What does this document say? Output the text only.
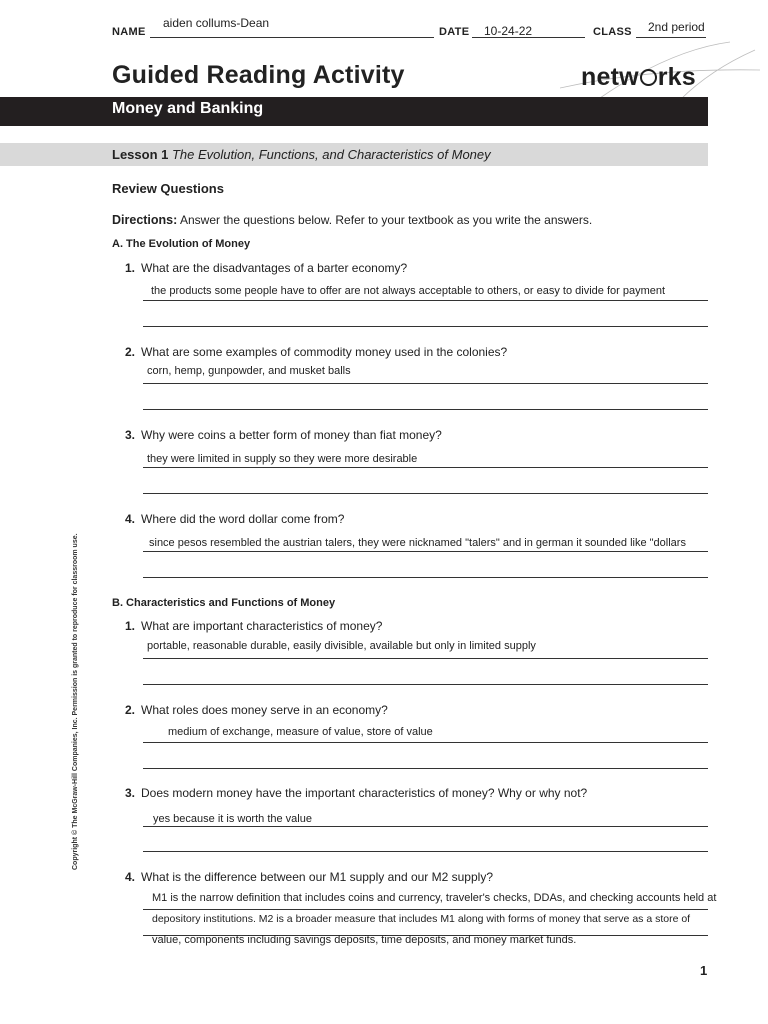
NAME
aiden collums-Dean
DATE 10-24-22	CLASS 2nd period
Guided Reading Activity	netw rks
Money and Banking
Lesson 1 The Evolution, Functions, and Characteristics of Money
Review Questions
Directions: Answer the questions below. Refer to your textbook as you write the answers.
A. The Evolution of Money
1. What are the disadvantages of a barter economy?
the products some people have to offer are not always acceptable to others, or easy to divide for payment
2. What are some examples of commodity money used in the colonies?
corn, hemp, gunpowder, and musket balls
3. Why were coins a better form of money than fiat money?
they were limited in supply so they were more desirable
4. Where did the word dollar come from?
since pesos resembled the austrian talers, they were nicknamed "talers" and in german it sounded like "dollars
B. Characteristics and Functions of Money
1. What are important characteristics of money?
portable, reasonable durable, easily divisible, available but only in limited supply
2. What roles does money serve in an economy?
medium of exchange, measure of value, store of value
3. Does modern money have the important characteristics of money? Why or why not?
yes because it is worth the value
4. What is the difference between our M1 supply and our M2 supply?
M1 is the narrow definition that includes coins and currency, traveler's checks, DDAs, and checking accounts held at
depository institutions. M2 is a broader measure that includes M1 along with forms of money that serve as a store of
value, components including savings deposits, time deposits, and money market funds.
Copyright © The McGraw-Hill Companies, Inc. Permission is granted to reproduce for classroom use.
1
